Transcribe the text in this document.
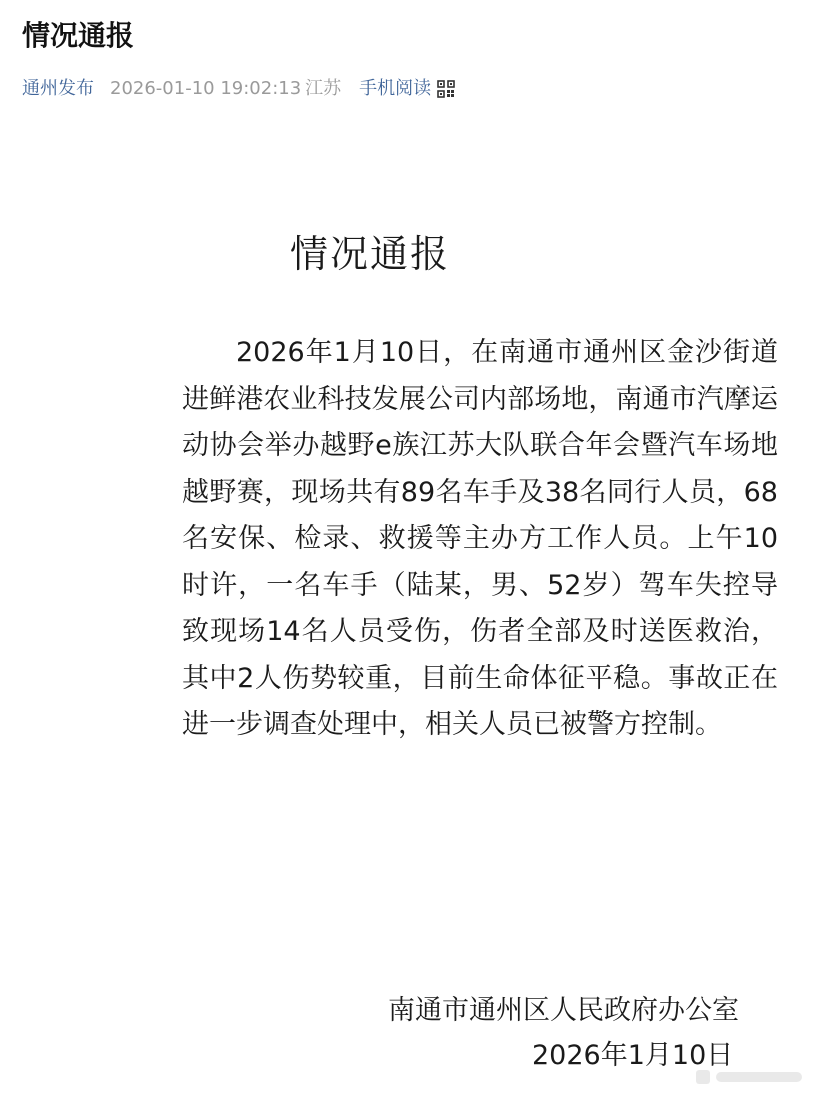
情况通报
通州发布 2026-01-10 19:02:13 江苏 手机阅读
情况通报

2026年1月10日，在南通市通州区金沙街道进鲜港农业科技发展公司内部场地，南通市汽摩运动协会举办越野e族江苏大队联合年会暨汽车场地越野赛，现场共有89名车手及38名同行人员，68名安保、检录、救援等主办方工作人员。上午10时许，一名车手（陆某，男、52岁）驾车失控导致现场14名人员受伤，伤者全部及时送医救治，其中2人伤势较重，目前生命体征平稳。事故正在进一步调查处理中，相关人员已被警方控制。

南通市通州区人民政府办公室
2026年1月10日
